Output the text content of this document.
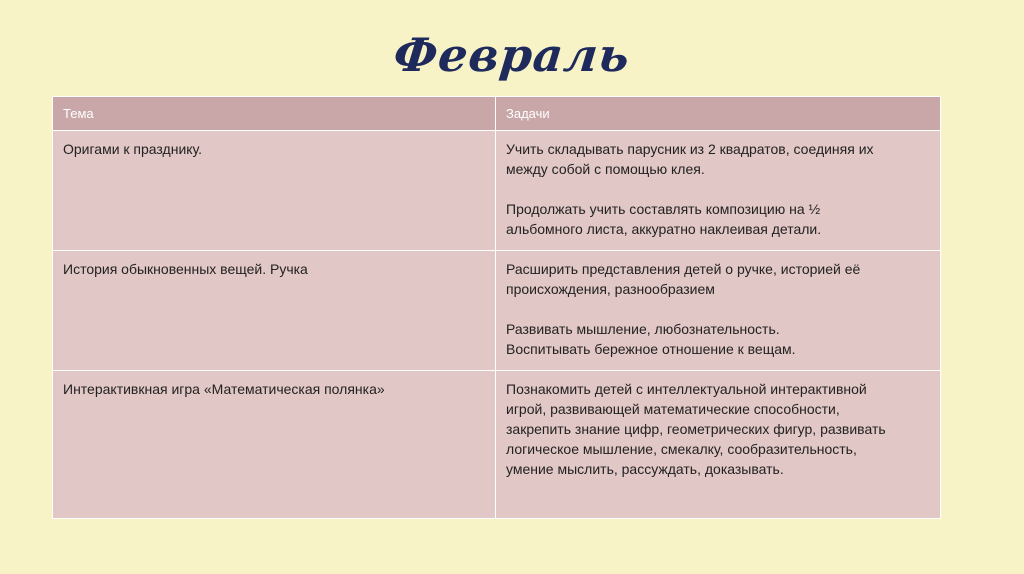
Февраль
Тема	Задачи
Оригами к празднику.	Учить складывать парусник из 2 квадратов, соединяя их
между собой с помощью клея.

Продолжать учить составлять композицию на ½
альбомного листа, аккуратно наклеивая детали.

История обыкновенных вещей. Ручка	Расширить представления детей о ручке, историей её
происхождения, разнообразием

Развивать мышление, любознательность.
Воспитывать бережное отношение к вещам.

Интерактивкная игра «Математическая полянка»	Познакомить детей с интеллектуальной интерактивной
игрой, развивающей математические способности,
закрепить знание цифр, геометрических фигур, развивать
логическое мышление, смекалку, сообразительность,
умение мыслить, рассуждать, доказывать.
